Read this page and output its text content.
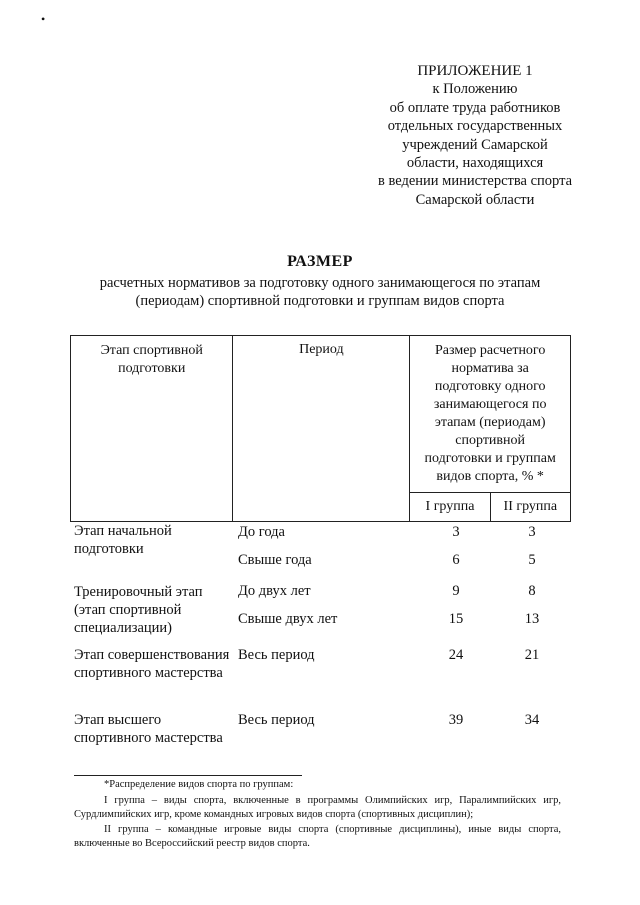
•
ПРИЛОЖЕНИЕ 1
к Положению
об оплате труда работников
отдельных государственных
учреждений Самарской
области, находящихся
в ведении министерства спорта
Самарской области
РАЗМЕР
расчетных нормативов за подготовку одного занимающегося по этапам
(периодам) спортивной подготовки и группам видов спорта
Этап спортивной подготовки	Период	Размер расчетного норматива за подготовку одного занимающегося по этапам (периодам) спортивной подготовки и группам видов спорта, % *	

		I группа	II группа
Этап начальной подготовки
До года	3	3
Свыше года	6	5
Тренировочный этап (этап спортивной специализации)
До двух лет	9	8
Свыше двух лет	15	13
Этап совершенствования спортивного мастерства
Весь период	24	21
Этап высшего спортивного мастерства
Весь период	39	34
*Распределение видов спорта по группам:
I группа – виды спорта, включенные в программы Олимпийских игр, Паралимпийских игр, Сурдлимпийских игр, кроме командных игровых видов спорта (спортивных дисциплин);
II группа – командные игровые виды спорта (спортивные дисциплины), иные виды спорта, включенные во Всероссийский реестр видов спорта.
